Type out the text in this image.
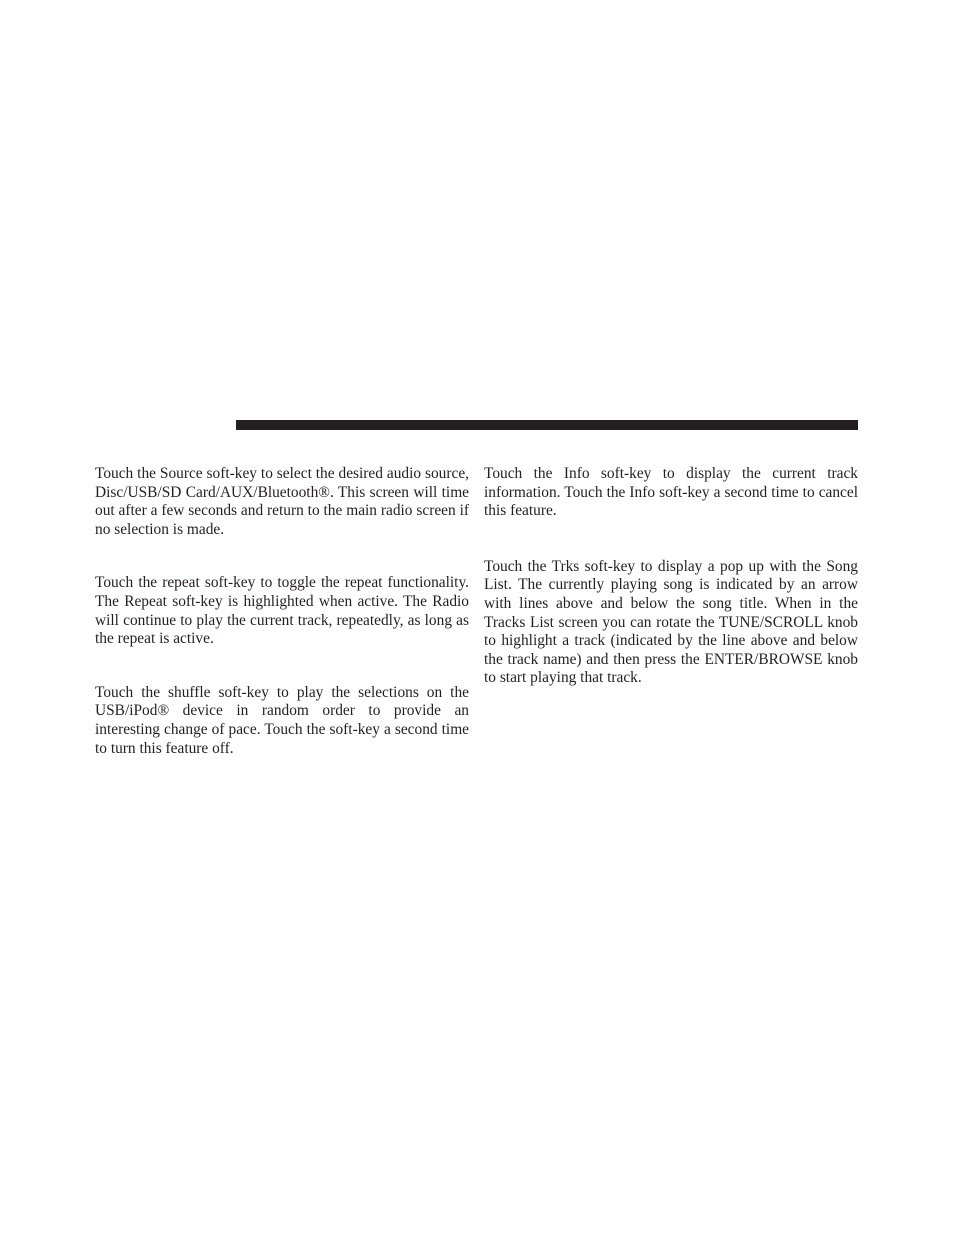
Touch the Source soft-key to select the desired audio source, Disc/USB/SD Card/AUX/Bluetooth®. This screen will time out after a few seconds and return to the main radio screen if no selection is made.

Touch the repeat soft-key to toggle the repeat functionality. The Repeat soft-key is highlighted when active. The Radio will continue to play the current track, repeatedly, as long as the repeat is active.

Touch the shuffle soft-key to play the selections on the USB/iPod® device in random order to provide an interesting change of pace. Touch the soft-key a second time to turn this feature off.

Touch the Info soft-key to display the current track information. Touch the Info soft-key a second time to cancel this feature.

Touch the Trks soft-key to display a pop up with the Song List. The currently playing song is indicated by an arrow with lines above and below the song title. When in the Tracks List screen you can rotate the TUNE/SCROLL knob to highlight a track (indicated by the line above and below the track name) and then press the ENTER/BROWSE knob to start playing that track.
